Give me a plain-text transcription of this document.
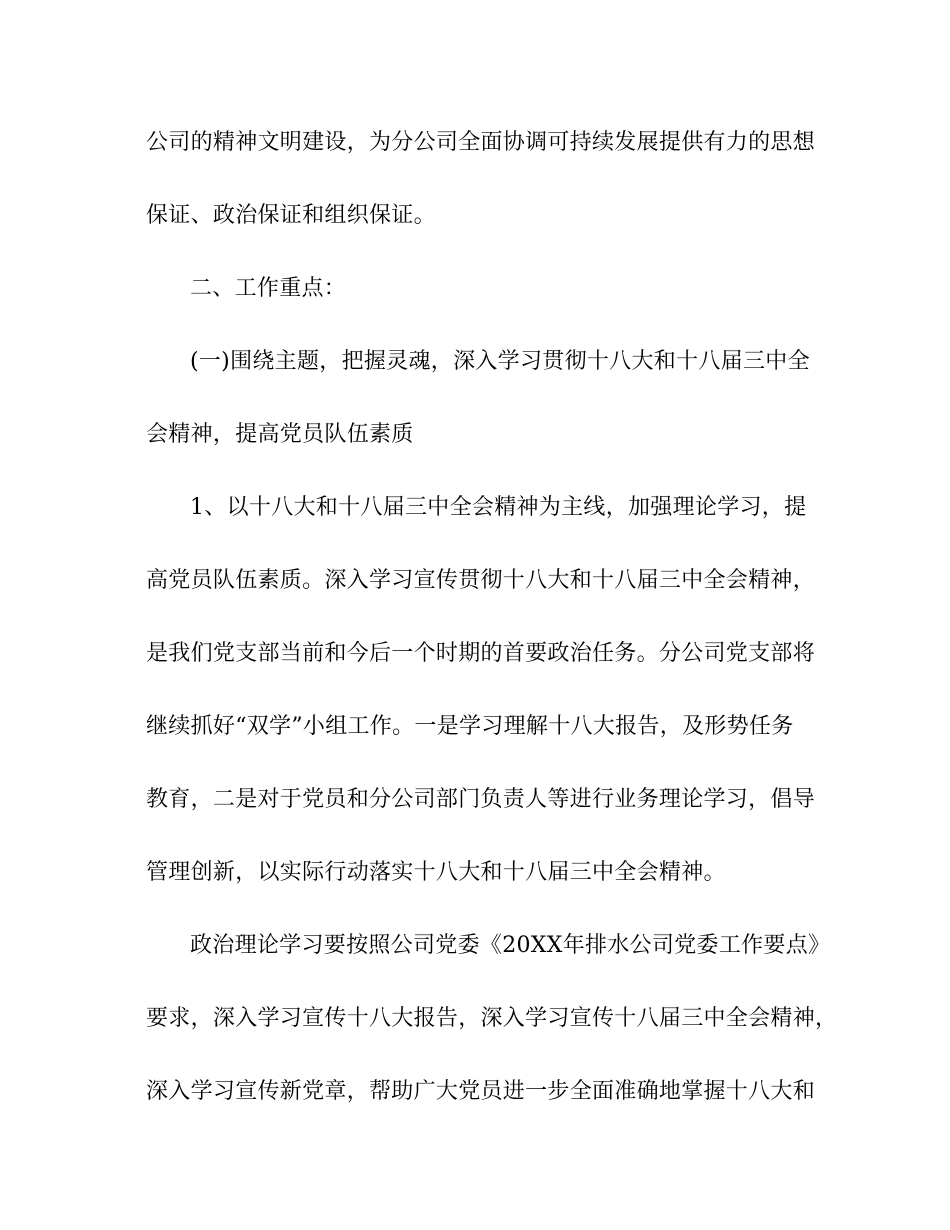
公司的精神文明建设，为分公司全面协调可持续发展提供有力的思想
保证、政治保证和组织保证。
二、工作重点：
(一)围绕主题，把握灵魂，深入学习贯彻十八大和十八届三中全
会精神，提高党员队伍素质
1、以十八大和十八届三中全会精神为主线，加强理论学习，提
高党员队伍素质。深入学习宣传贯彻十八大和十八届三中全会精神，
是我们党支部当前和今后一个时期的首要政治任务。分公司党支部将
继续抓好“双学”小组工作。一是学习理解十八大报告，及形势任务
教育，二是对于党员和分公司部门负责人等进行业务理论学习，倡导
管理创新，以实际行动落实十八大和十八届三中全会精神。
政治理论学习要按照公司党委《20XX年排水公司党委工作要点》
要求，深入学习宣传十八大报告，深入学习宣传十八届三中全会精神，
深入学习宣传新党章，帮助广大党员进一步全面准确地掌握十八大和
